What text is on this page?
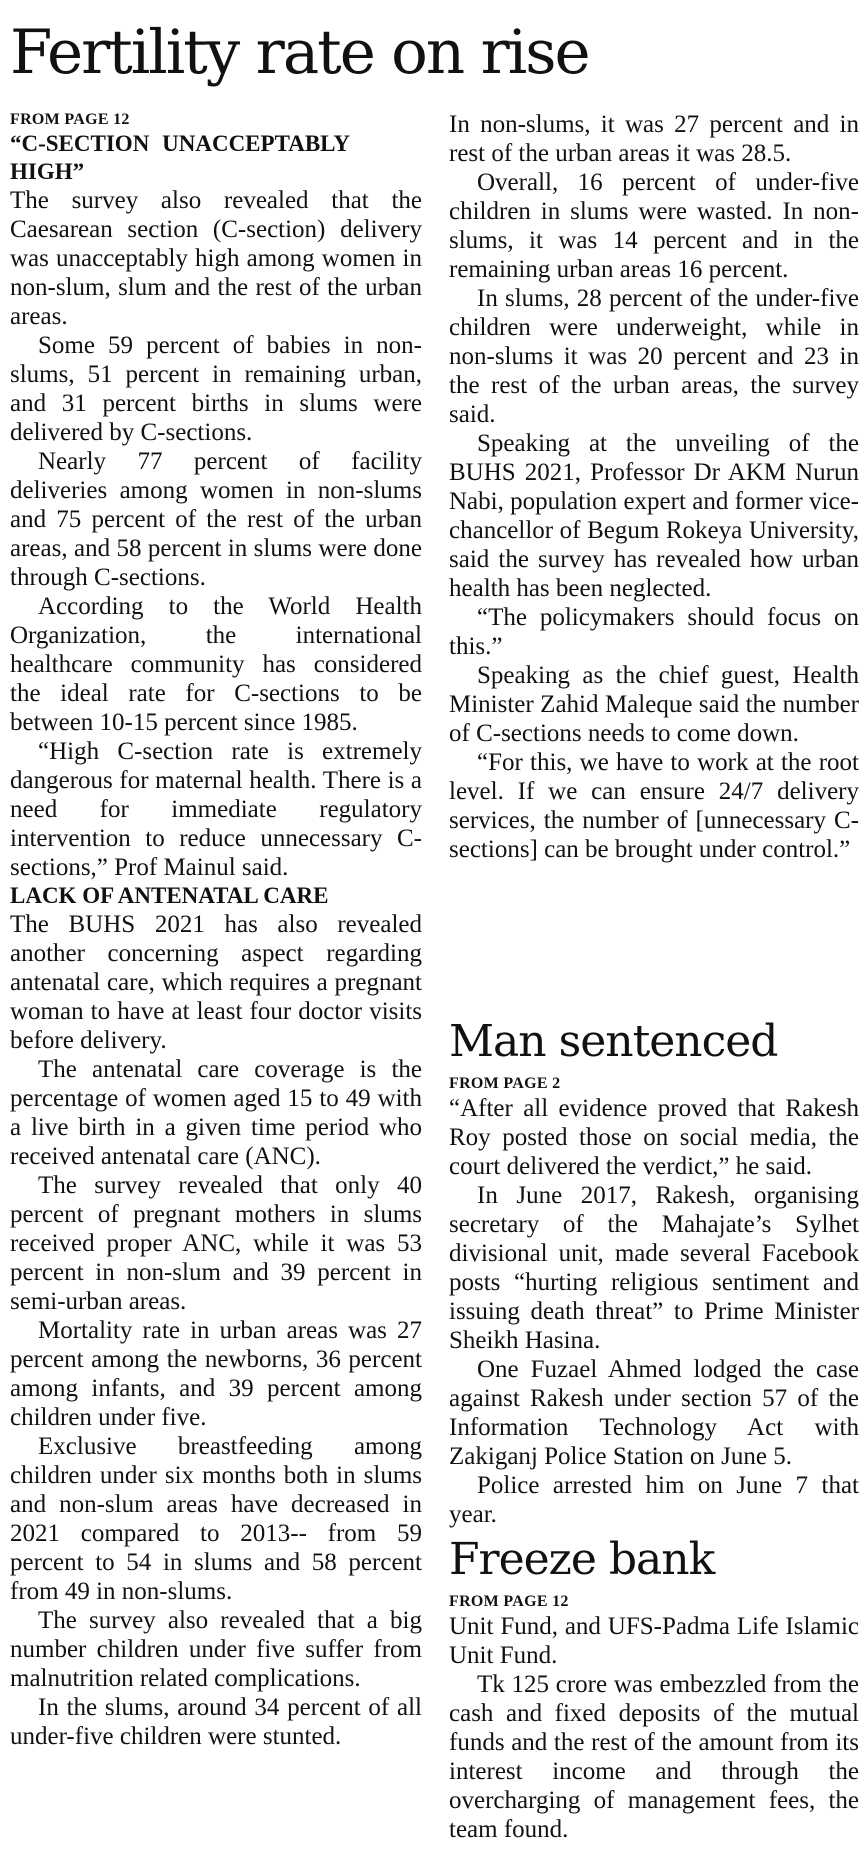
Fertility rate on rise
FROM PAGE 12
“C-SECTION UNACCEPTABLY HIGH”

The survey also revealed that the Caesarean section (C-section) delivery was unacceptably high among women in non-slum, slum and the rest of the urban areas.

Some 59 percent of babies in non-slums, 51 percent in remaining urban, and 31 percent births in slums were delivered by C-sections.

Nearly 77 percent of facility deliveries among women in non-slums and 75 percent of the rest of the urban areas, and 58 percent in slums were done through C-sections.

According to the World Health Organization, the international healthcare community has considered the ideal rate for C-sections to be between 10-15 percent since 1985.

“High C-section rate is extremely dangerous for maternal health. There is a need for immediate regulatory intervention to reduce unnecessary C-sections,” Prof Mainul said.

LACK OF ANTENATAL CARE

The BUHS 2021 has also revealed another concerning aspect regarding antenatal care, which requires a pregnant woman to have at least four doctor visits before delivery.

The antenatal care coverage is the percentage of women aged 15 to 49 with a live birth in a given time period who received antenatal care (ANC).

The survey revealed that only 40 percent of pregnant mothers in slums received proper ANC, while it was 53 percent in non-slum and 39 percent in semi-urban areas.

Mortality rate in urban areas was 27 percent among the newborns, 36 percent among infants, and 39 percent among children under five.

Exclusive breastfeeding among children under six months both in slums and non-slum areas have decreased in 2021 compared to 2013-- from 59 percent to 54 in slums and 58 percent from 49 in non-slums.

The survey also revealed that a big number children under five suffer from malnutrition related complications.

In the slums, around 34 percent of all under-five children were stunted.

In non-slums, it was 27 percent and in rest of the urban areas it was 28.5.

Overall, 16 percent of under-five children in slums were wasted. In non-slums, it was 14 percent and in the remaining urban areas 16 percent.

In slums, 28 percent of the under-five children were underweight, while in non-slums it was 20 percent and 23 in the rest of the urban areas, the survey said.

Speaking at the unveiling of the BUHS 2021, Professor Dr AKM Nurun Nabi, population expert and former vice-chancellor of Begum Rokeya University, said the survey has revealed how urban health has been neglected.

“The policymakers should focus on this.”

Speaking as the chief guest, Health Minister Zahid Maleque said the number of C-sections needs to come down.

“For this, we have to work at the root level. If we can ensure 24/7 delivery services, the number of [unnecessary C-sections] can be brought under control.”

Man sentenced
FROM PAGE 2

“After all evidence proved that Rakesh Roy posted those on social media, the court delivered the verdict,” he said.

In June 2017, Rakesh, organising secretary of the Mahajate’s Sylhet divisional unit, made several Facebook posts “hurting religious sentiment and issuing death threat” to Prime Minister Sheikh Hasina.

One Fuzael Ahmed lodged the case against Rakesh under section 57 of the Information Technology Act with Zakiganj Police Station on June 5.

Police arrested him on June 7 that year.

Freeze bank
FROM PAGE 12

Unit Fund, and UFS-Padma Life Islamic Unit Fund.

Tk 125 crore was embezzled from the cash and fixed deposits of the mutual funds and the rest of the amount from its interest income and through the overcharging of management fees, the team found.
